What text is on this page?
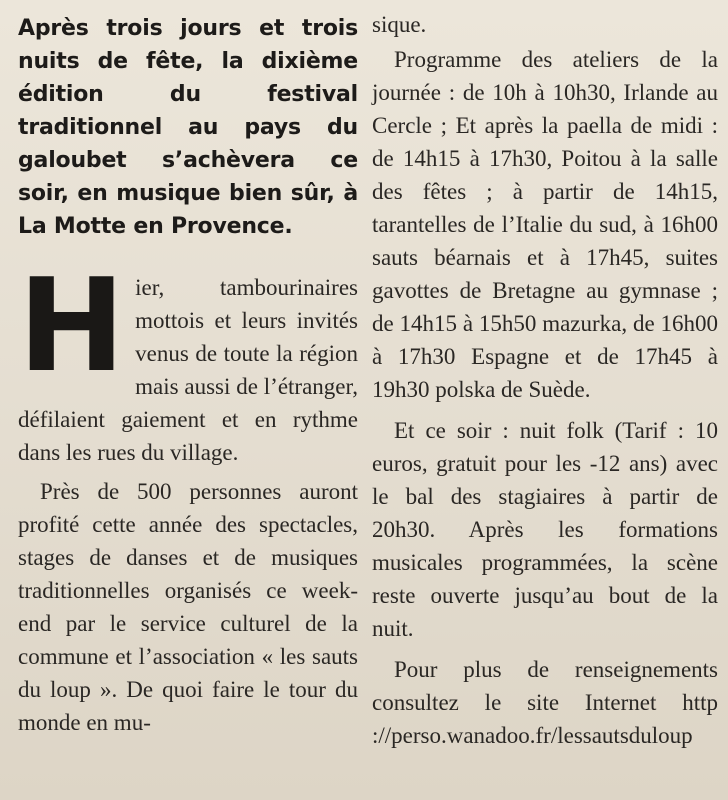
Après trois jours et trois nuits de fête, la dixième édition du festival traditionnel au pays du galoubet s’achèvera ce soir, en musique bien sûr, à La Motte en Provence.

H ier, tambourinaires mottois et leurs invités venus de toute la région mais aussi de l’étranger, défilaient gaiement et en rythme dans les rues du village.

Près de 500 personnes auront profité cette année des spectacles, stages de danses et de musiques traditionnelles organisés ce week-end par le service culturel de la commune et l’association « les sauts du loup ». De quoi faire le tour du monde en mu-

sique.

Programme des ateliers de la journée : de 10h à 10h30, Irlande au Cercle ; Et après la paella de midi : de 14h15 à 17h30, Poitou à la salle des fêtes ; à partir de 14h15, tarantelles de l’Italie du sud, à 16h00 sauts béarnais et à 17h45, suites gavottes de Bretagne au gymnase ; de 14h15 à 15h50 mazurka, de 16h00 à 17h30 Espagne et de 17h45 à 19h30 polska de Suède.

Et ce soir : nuit folk (Tarif : 10 euros, gratuit pour les -12 ans) avec le bal des stagiaires à partir de 20h30. Après les formations musicales programmées, la scène reste ouverte jusqu’au bout de la nuit.

Pour plus de renseignements consultez le site Internet http ://perso.wanadoo.fr/lessautsduloup
